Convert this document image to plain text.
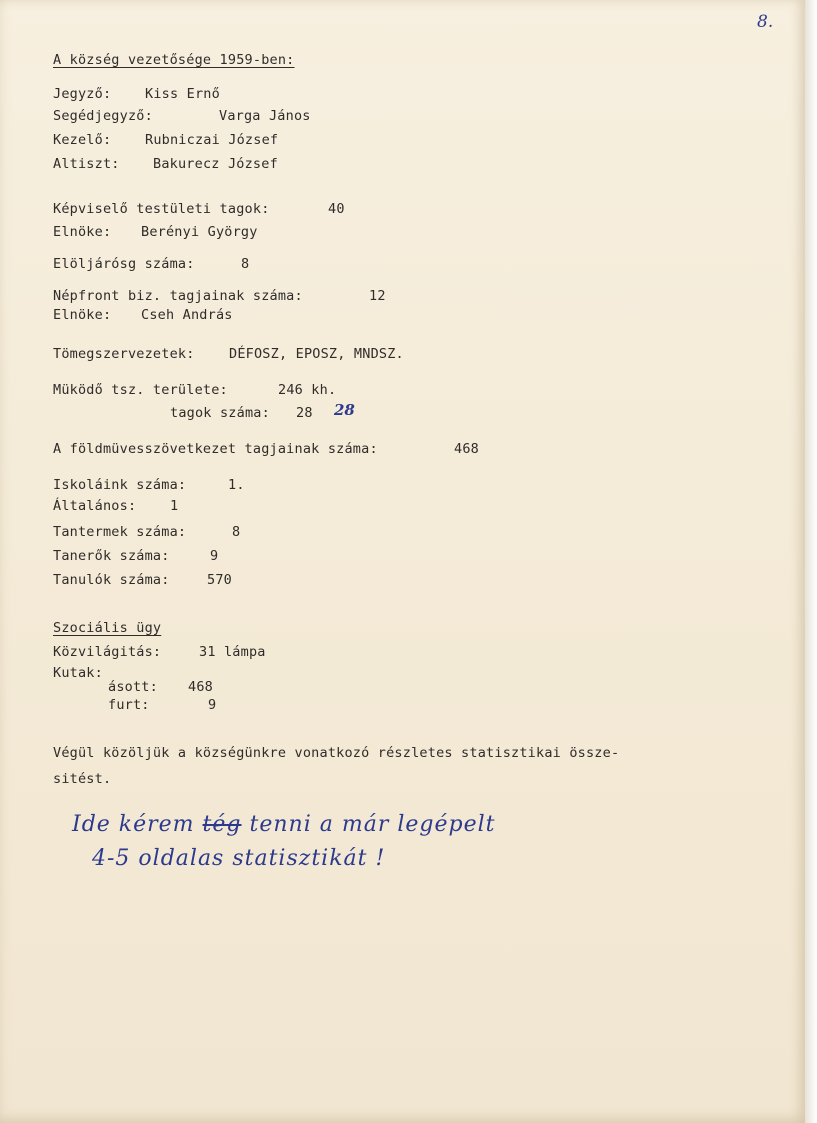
8.
A község vezetősége 1959-ben:
Jegyző: Kiss Ernő
Segédjegyző:	Varga János
Kezelő: Rubniczai József
Altiszt: Bakurecz József
Képviselő testületi tagok:	40
Elnöke: Berényi György
Elöljárósg száma:	8
Népfront biz. tagjainak száma:	12
Elnöke: Cseh András
Tömegszervezetek:	DÉFOSZ, EPOSZ, MNDSZ.
Müködő tsz. területe:	246 kh.
tagok száma: 28 28
A földmüvesszövetkezet tagjainak száma:	468
Iskoláink száma:	1.
Általános: 1
Tantermek száma:	8
Tanerők száma:	9
Tanulók száma:	570
Szociális ügy
Közvilágitás:	31 lámpa
Kutak:
ásott: 468
furt:	9
Végül közöljük a községünkre vonatkozó részletes statisztikai össze-
sitést.
Ide kérem tég tenni a már legépelt
4-5 oldalas statisztikát !
